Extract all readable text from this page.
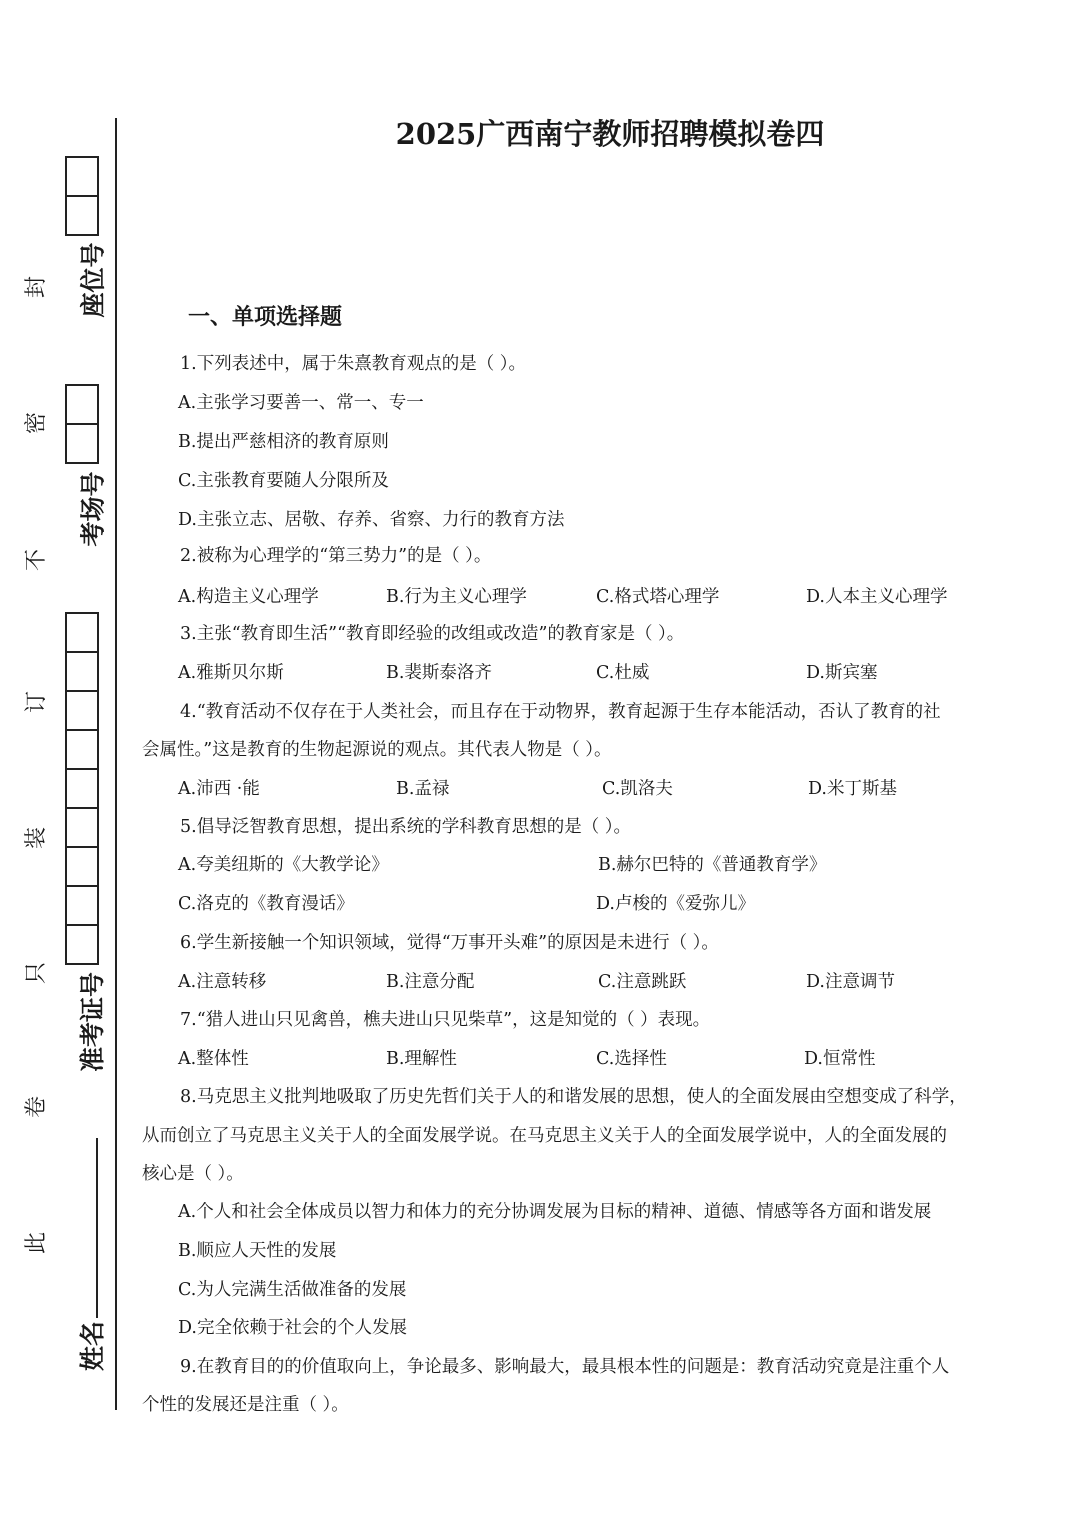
封
密
不
订
装
只
卷
此
座位号
考场号
准考证号
姓名
2025广西南宁教师招聘模拟卷四
一、单项选择题
1.下列表述中，属于朱熹教育观点的是（ ）。
A.主张学习要善一、常一、专一
B.提出严慈相济的教育原则
C.主张教育要随人分限所及
D.主张立志、居敬、存养、省察、力行的教育方法
2.被称为心理学的“第三势力”的是（ ）。
A.构造主义心理学	B.行为主义心理学	C.格式塔心理学	D.人本主义心理学
3.主张“教育即生活”“教育即经验的改组或改造”的教育家是（ ）。
A.雅斯贝尔斯	B.裴斯泰洛齐	C.杜威	D.斯宾塞
4.“教育活动不仅存在于人类社会，而且存在于动物界，教育起源于生存本能活动，否认了教育的社
会属性。”这是教育的生物起源说的观点。其代表人物是（ ）。
A.沛西 ·能	B.孟禄	C.凯洛夫	D.米丁斯基
5.倡导泛智教育思想，提出系统的学科教育思想的是（ ）。
A.夸美纽斯的《大教学论》	B.赫尔巴特的《普通教育学》
C.洛克的《教育漫话》	D.卢梭的《爱弥儿》
6.学生新接触一个知识领域，觉得“万事开头难”的原因是未进行（ ）。
A.注意转移	B.注意分配	C.注意跳跃	D.注意调节
7.“猎人进山只见禽兽，樵夫进山只见柴草”，这是知觉的（ ）表现。
A.整体性	B.理解性	C.选择性	D.恒常性
8.马克思主义批判地吸取了历史先哲们关于人的和谐发展的思想，使人的全面发展由空想变成了科学，
从而创立了马克思主义关于人的全面发展学说。在马克思主义关于人的全面发展学说中，人的全面发展的
核心是（ ）。
A.个人和社会全体成员以智力和体力的充分协调发展为目标的精神、道德、情感等各方面和谐发展
B.顺应人天性的发展
C.为人完满生活做准备的发展
D.完全依赖于社会的个人发展
9.在教育目的的价值取向上，争论最多、影响最大，最具根本性的问题是：教育活动究竟是注重个人
个性的发展还是注重（ ）。
